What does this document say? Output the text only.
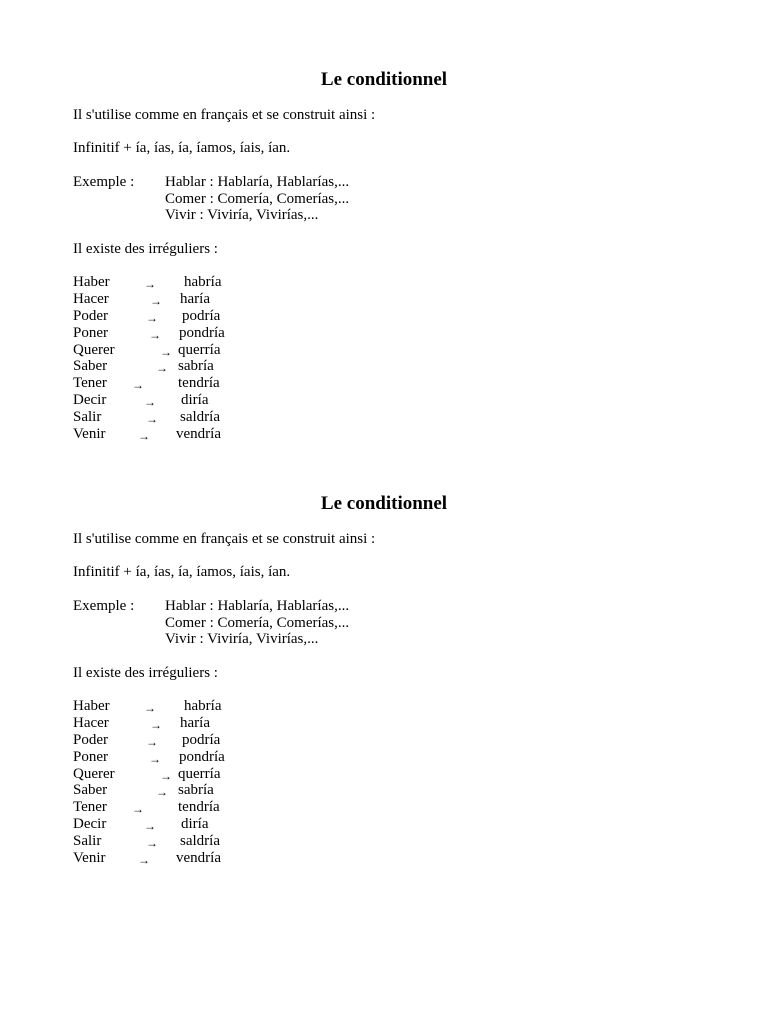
Le conditionnel
Il s'utilise comme en français et se construit ainsi :
Infinitif + ía, ías, ía, íamos, íais, ían.
Exemple : Hablar : Hablaría, Hablarías,...
Comer : Comería, Comerías,...
Vivir : Viviría, Vivirías,...
Il existe des irréguliers :
Haber	→ habría
Hacer	→ haría
Poder	→ podría
Poner	→ pondría
Querer	→ querría
Saber	→ sabría
Tener → tendría
Decir	→ diría
Salir	→ saldría
Venir	→ vendría
Le conditionnel
Il s'utilise comme en français et se construit ainsi :
Infinitif + ía, ías, ía, íamos, íais, ían.
Exemple : Hablar : Hablaría, Hablarías,...
Comer : Comería, Comerías,...
Vivir : Viviría, Vivirías,...
Il existe des irréguliers :
Haber	→ habría
Hacer	→ haría
Poder	→ podría
Poner	→ pondría
Querer	→ querría
Saber	→ sabría
Tener → tendría
Decir	→ diría
Salir	→ saldría
Venir	→ vendría
